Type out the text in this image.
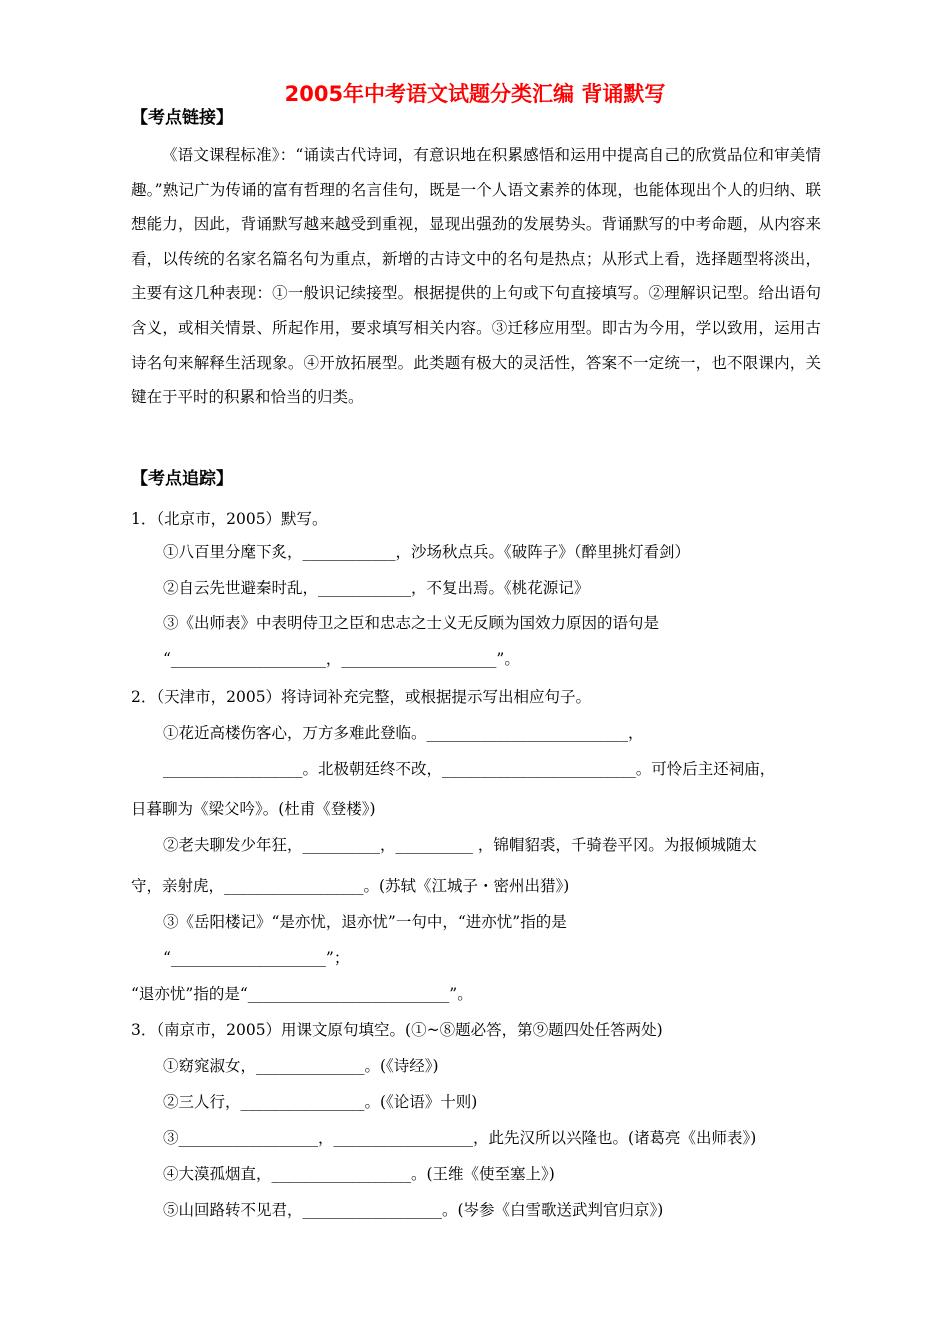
2005年中考语文试题分类汇编 背诵默写
【考点链接】
《语文课程标准》：“诵读古代诗词，有意识地在积累感悟和运用中提高自己的欣赏品位和审美情趣。”熟记广为传诵的富有哲理的名言佳句，既是一个人语文素养的体现，也能体现出个人的归纳、联想能力，因此，背诵默写越来越受到重视，显现出强劲的发展势头。背诵默写的中考命题，从内容来看，以传统的名家名篇名句为重点，新增的古诗文中的名句是热点；从形式上看，选择题型将淡出，主要有这几种表现：①一般识记续接型。根据提供的上句或下句直接填写。②理解识记型。给出语句含义，或相关情景、所起作用，要求填写相关内容。③迁移应用型。即古为今用，学以致用，运用古诗名句来解释生活现象。④开放拓展型。此类题有极大的灵活性，答案不一定统一，也不限课内，关键在于平时的积累和恰当的归类。
【考点追踪】
1．（北京市，2005）默写。
①八百里分麾下炙，____________，沙场秋点兵。《破阵子》（醉里挑灯看剑）
②自云先世避秦时乱，____________，不复出焉。《桃花源记》
③《出师表》中表明侍卫之臣和忠志之士义无反顾为国效力原因的语句是
“____________________，____________________”。
2．（天津市，2005）将诗词补充完整，或根据提示写出相应句子。
①花近高楼伤客心，万方多难此登临。__________________________，
__________________。北极朝廷终不改，_________________________。可怜后主还祠庙，
日暮聊为《梁父吟》。(杜甫《登楼》)
②老夫聊发少年狂，__________，__________ ，锦帽貂裘，千骑卷平冈。为报倾城随太
守，亲射虎，__________________。(苏轼《江城子・密州出猎》)
③《岳阳楼记》“是亦忧，退亦忧”一句中，“进亦忧”指的是
“____________________”；
“退亦忧”指的是“__________________________”。
3．（南京市，2005）用课文原句填空。(①~⑧题必答，第⑨题四处任答两处)
①窈窕淑女，______________。(《诗经》)
②三人行，________________。(《论语》十则)
③__________________，__________________，此先汉所以兴隆也。(诸葛亮《出师表》)
④大漠孤烟直，__________________。(王维《使至塞上》)
⑤山回路转不见君，__________________。(岑参《白雪歌送武判官归京》)
